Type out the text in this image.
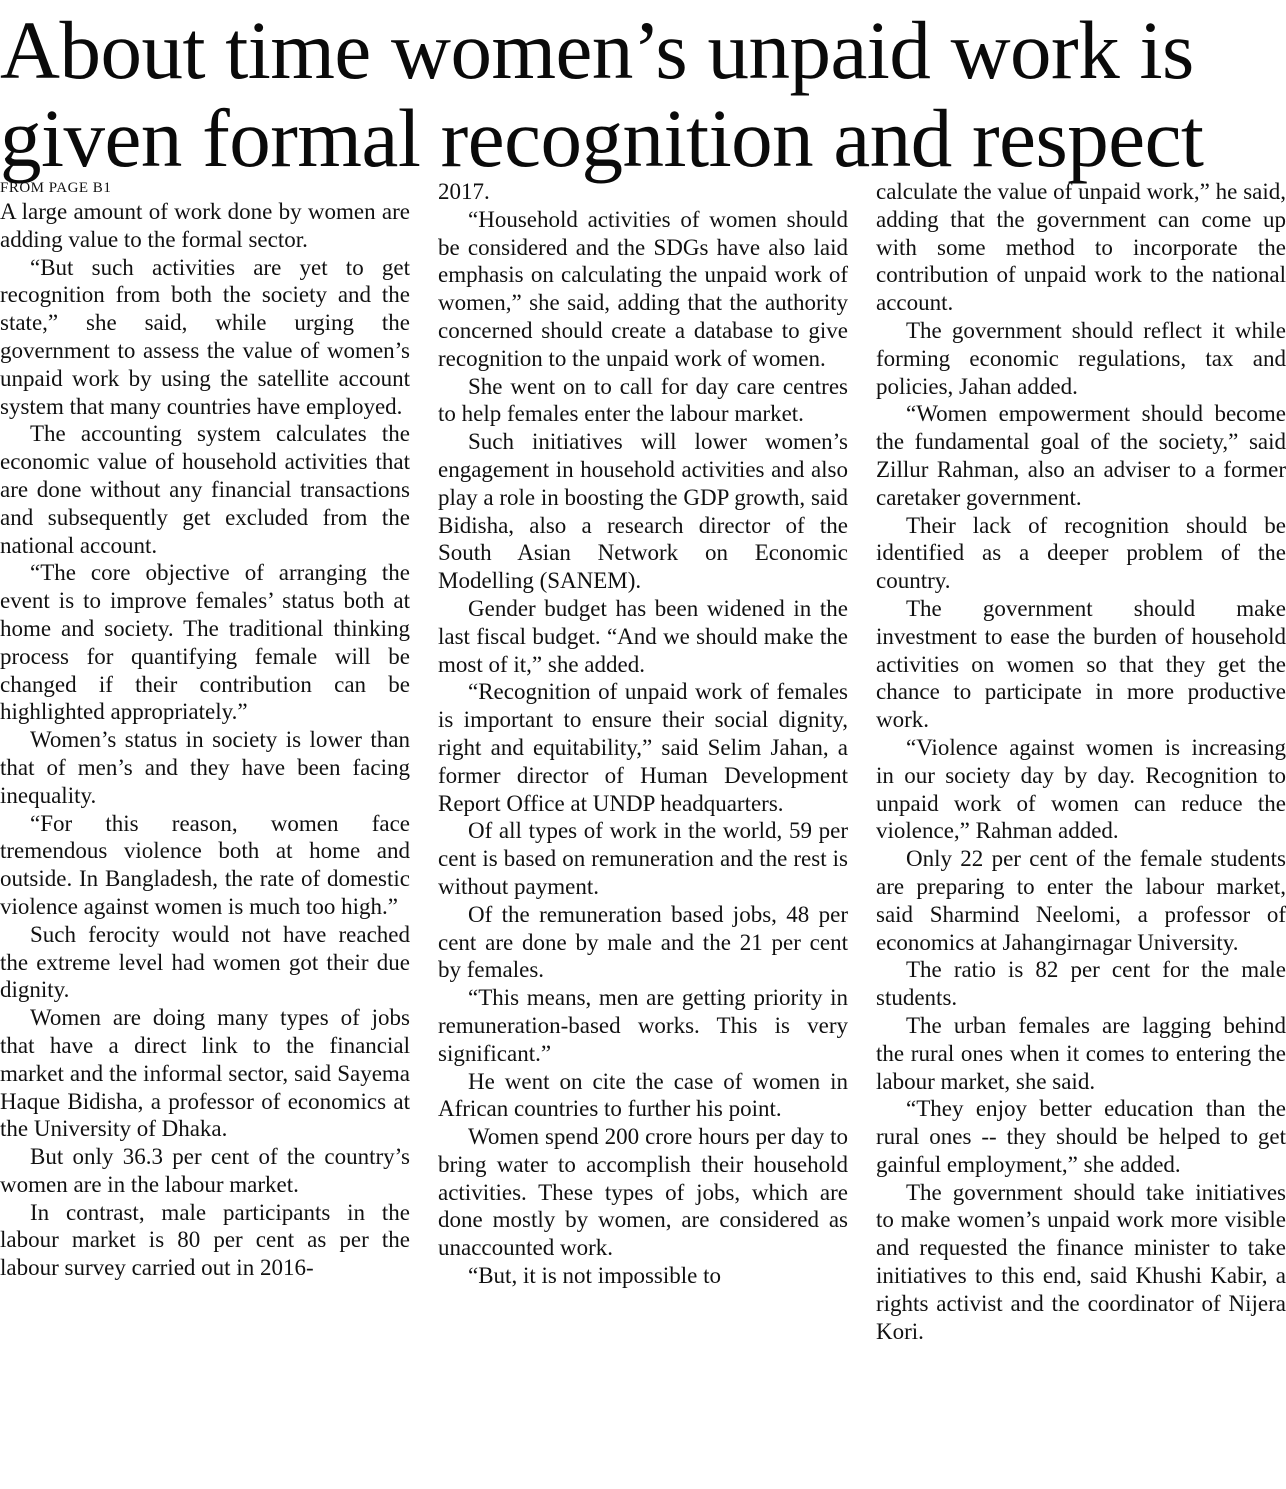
About time women’s unpaid work is
given formal recognition and respect

FROM PAGE B1

A large amount of work done by women are adding value to the formal sector.

“But such activities are yet to get recognition from both the society and the state,” she said, while urging the government to assess the value of women’s unpaid work by using the satellite account system that many countries have employed.

The accounting system calculates the economic value of household activities that are done without any financial transactions and subsequently get excluded from the national account.

“The core objective of arranging the event is to improve females’ status both at home and society. The traditional thinking process for quantifying female will be changed if their contribution can be highlighted appropriately.”

Women’s status in society is lower than that of men’s and they have been facing inequality.

“For this reason, women face tremendous violence both at home and outside. In Bangladesh, the rate of domestic violence against women is much too high.”

Such ferocity would not have reached the extreme level had women got their due dignity.

Women are doing many types of jobs that have a direct link to the financial market and the informal sector, said Sayema Haque Bidisha, a professor of economics at the University of Dhaka.

But only 36.3 per cent of the country’s women are in the labour market.

In contrast, male participants in the labour market is 80 per cent as per the labour survey carried out in 2016-

2017.

“Household activities of women should be considered and the SDGs have also laid emphasis on calculating the unpaid work of women,” she said, adding that the authority concerned should create a database to give recognition to the unpaid work of women.

She went on to call for day care centres to help females enter the labour market.

Such initiatives will lower women’s engagement in household activities and also play a role in boosting the GDP growth, said Bidisha, also a research director of the South Asian Network on Economic Modelling (SANEM).

Gender budget has been widened in the last fiscal budget. “And we should make the most of it,” she added.

“Recognition of unpaid work of females is important to ensure their social dignity, right and equitability,” said Selim Jahan, a former director of Human Development Report Office at UNDP headquarters.

Of all types of work in the world, 59 per cent is based on remuneration and the rest is without payment.

Of the remuneration based jobs, 48 per cent are done by male and the 21 per cent by females.

“This means, men are getting priority in remuneration-based works. This is very significant.”

He went on cite the case of women in African countries to further his point.

Women spend 200 crore hours per day to bring water to accomplish their household activities. These types of jobs, which are done mostly by women, are considered as unaccounted work.

“But, it is not impossible to

calculate the value of unpaid work,” he said, adding that the government can come up with some method to incorporate the contribution of unpaid work to the national account.

The government should reflect it while forming economic regulations, tax and policies, Jahan added.

“Women empowerment should become the fundamental goal of the society,” said Zillur Rahman, also an adviser to a former caretaker government.

Their lack of recognition should be identified as a deeper problem of the country.

The government should make investment to ease the burden of household activities on women so that they get the chance to participate in more productive work.

“Violence against women is increasing in our society day by day. Recognition to unpaid work of women can reduce the violence,” Rahman added.

Only 22 per cent of the female students are preparing to enter the labour market, said Sharmind Neelomi, a professor of economics at Jahangirnagar University.

The ratio is 82 per cent for the male students.

The urban females are lagging behind the rural ones when it comes to entering the labour market, she said.

“They enjoy better education than the rural ones -- they should be helped to get gainful employment,” she added.

The government should take initiatives to make women’s unpaid work more visible and requested the finance minister to take initiatives to this end, said Khushi Kabir, a rights activist and the coordinator of Nijera Kori.
